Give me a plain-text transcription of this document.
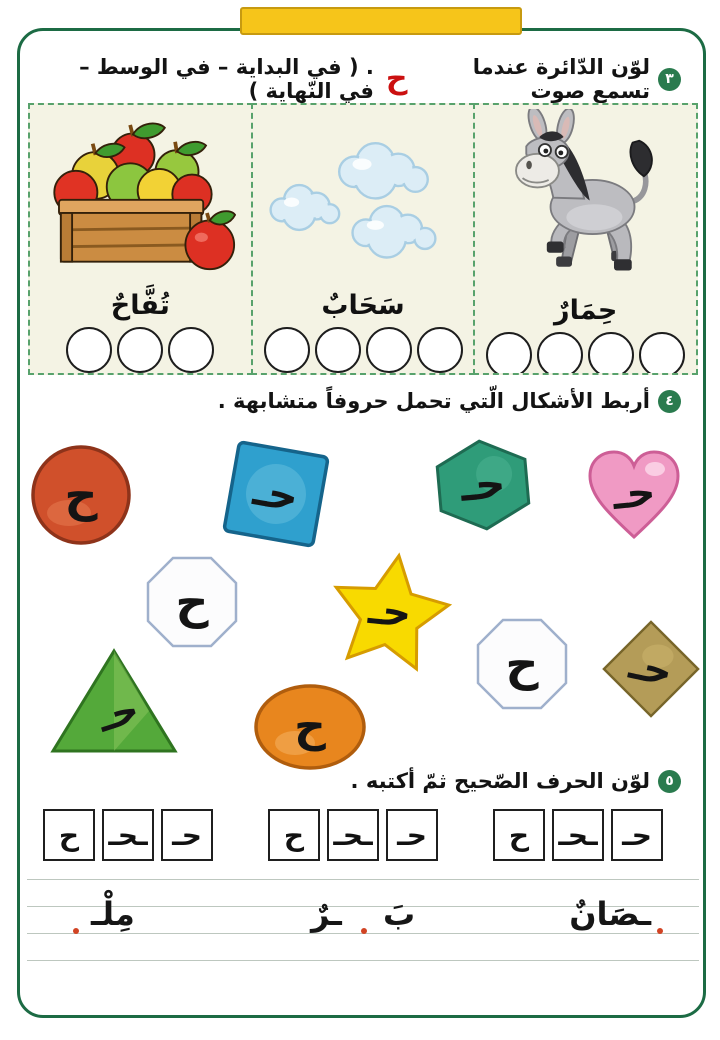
٣
لوّن الدّائرة عندما تسمع صوت
ح
. ( في البداية – في الوسط – في النّهاية )
تُفَّاحٌ	سَحَابٌ	حِمَارٌ
٤
أربط الأشكال الّتي تحمل حروفاً متشابهة .
ح	حـ	حـ	حـ
ح	حـ
ح	حـ
حـ	ح
٥
لوّن الحرف الصّحيح ثمّ أكتبه .
ح ـحـ حـ	ح ـحـ حـ	ح ـحـ حـ
ـصَانٌ
بَ
ـرٌ
مِلْـ
